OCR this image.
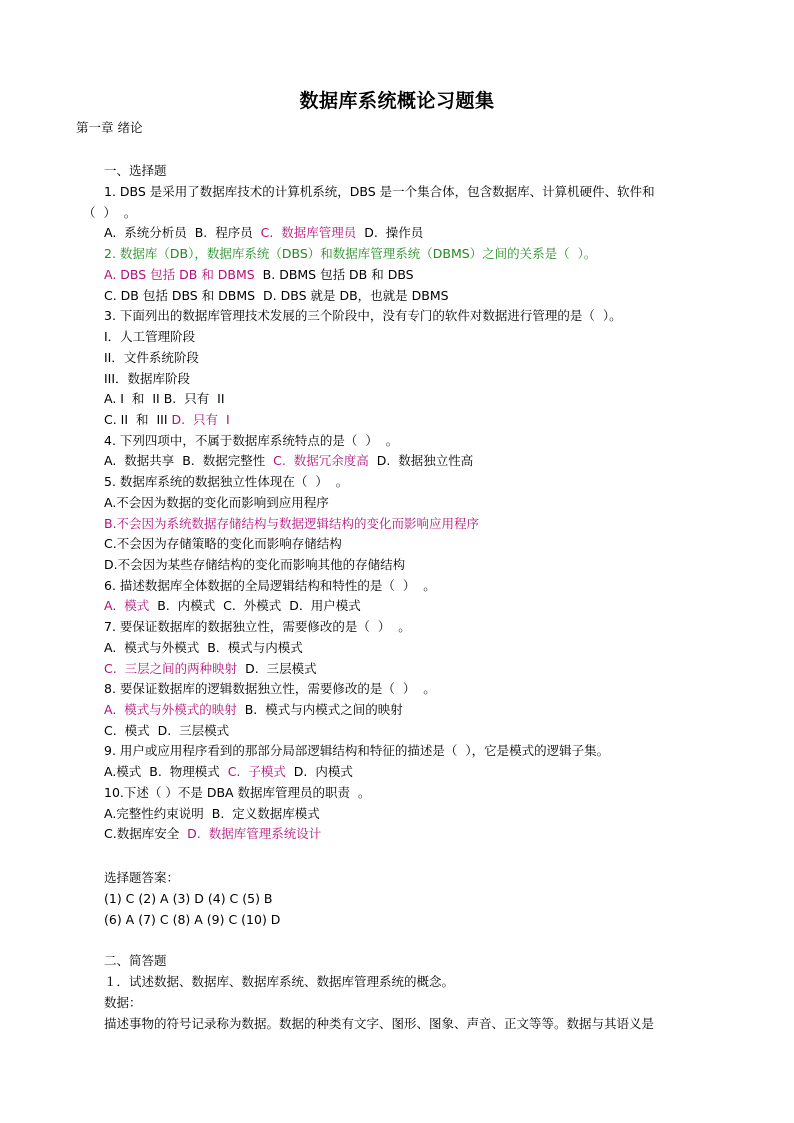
数据库系统概论习题集
第一章 绪论
一、选择题
1. DBS 是采用了数据库技术的计算机系统，DBS 是一个集合体，包含数据库、计算机硬件、软件和
（  ）  。
A.  系统分析员  B.  程序员  C.  数据库管理员  D.  操作员
2. 数据库（DB），数据库系统（DBS）和数据库管理系统（DBMS）之间的关系是（  ）。
A. DBS 包括 DB 和 DBMS  B. DBMS 包括 DB 和 DBS
C. DB 包括 DBS 和 DBMS  D. DBS 就是 DB，也就是 DBMS
3. 下面列出的数据库管理技术发展的三个阶段中，没有专门的软件对数据进行管理的是（  ）。
I．人工管理阶段
II．文件系统阶段
III．数据库阶段
A. I  和  II B.  只有  II
C. II  和  III D.  只有  I
4. 下列四项中，不属于数据库系统特点的是（  ）  。
A.  数据共享  B.  数据完整性  C.  数据冗余度高  D.  数据独立性高
5. 数据库系统的数据独立性体现在（  ）  。
A.不会因为数据的变化而影响到应用程序
B.不会因为系统数据存储结构与数据逻辑结构的变化而影响应用程序
C.不会因为存储策略的变化而影响存储结构
D.不会因为某些存储结构的变化而影响其他的存储结构
6. 描述数据库全体数据的全局逻辑结构和特性的是（  ）  。
A.  模式  B.  内模式  C.  外模式  D.  用户模式
7. 要保证数据库的数据独立性，需要修改的是（  ）  。
A.  模式与外模式  B.  模式与内模式
C.  三层之间的两种映射  D.  三层模式
8. 要保证数据库的逻辑数据独立性，需要修改的是（  ）  。
A.  模式与外模式的映射  B.  模式与内模式之间的映射
C.  模式  D.  三层模式
9. 用户或应用程序看到的那部分局部逻辑结构和特征的描述是（  ），它是模式的逻辑子集。
A.模式  B.  物理模式  C.  子模式  D.  内模式
10.下述（ ）不是 DBA 数据库管理员的职责  。
A.完整性约束说明  B.  定义数据库模式
C.数据库安全  D.  数据库管理系统设计
选择题答案：
(1) C (2) A (3) D (4) C (5) B
(6) A (7) C (8) A (9) C (10) D
二、简答题
１．试述数据、数据库、数据库系统、数据库管理系统的概念。
数据：
描述事物的符号记录称为数据。数据的种类有文字、图形、图象、声音、正文等等。数据与其语义是
